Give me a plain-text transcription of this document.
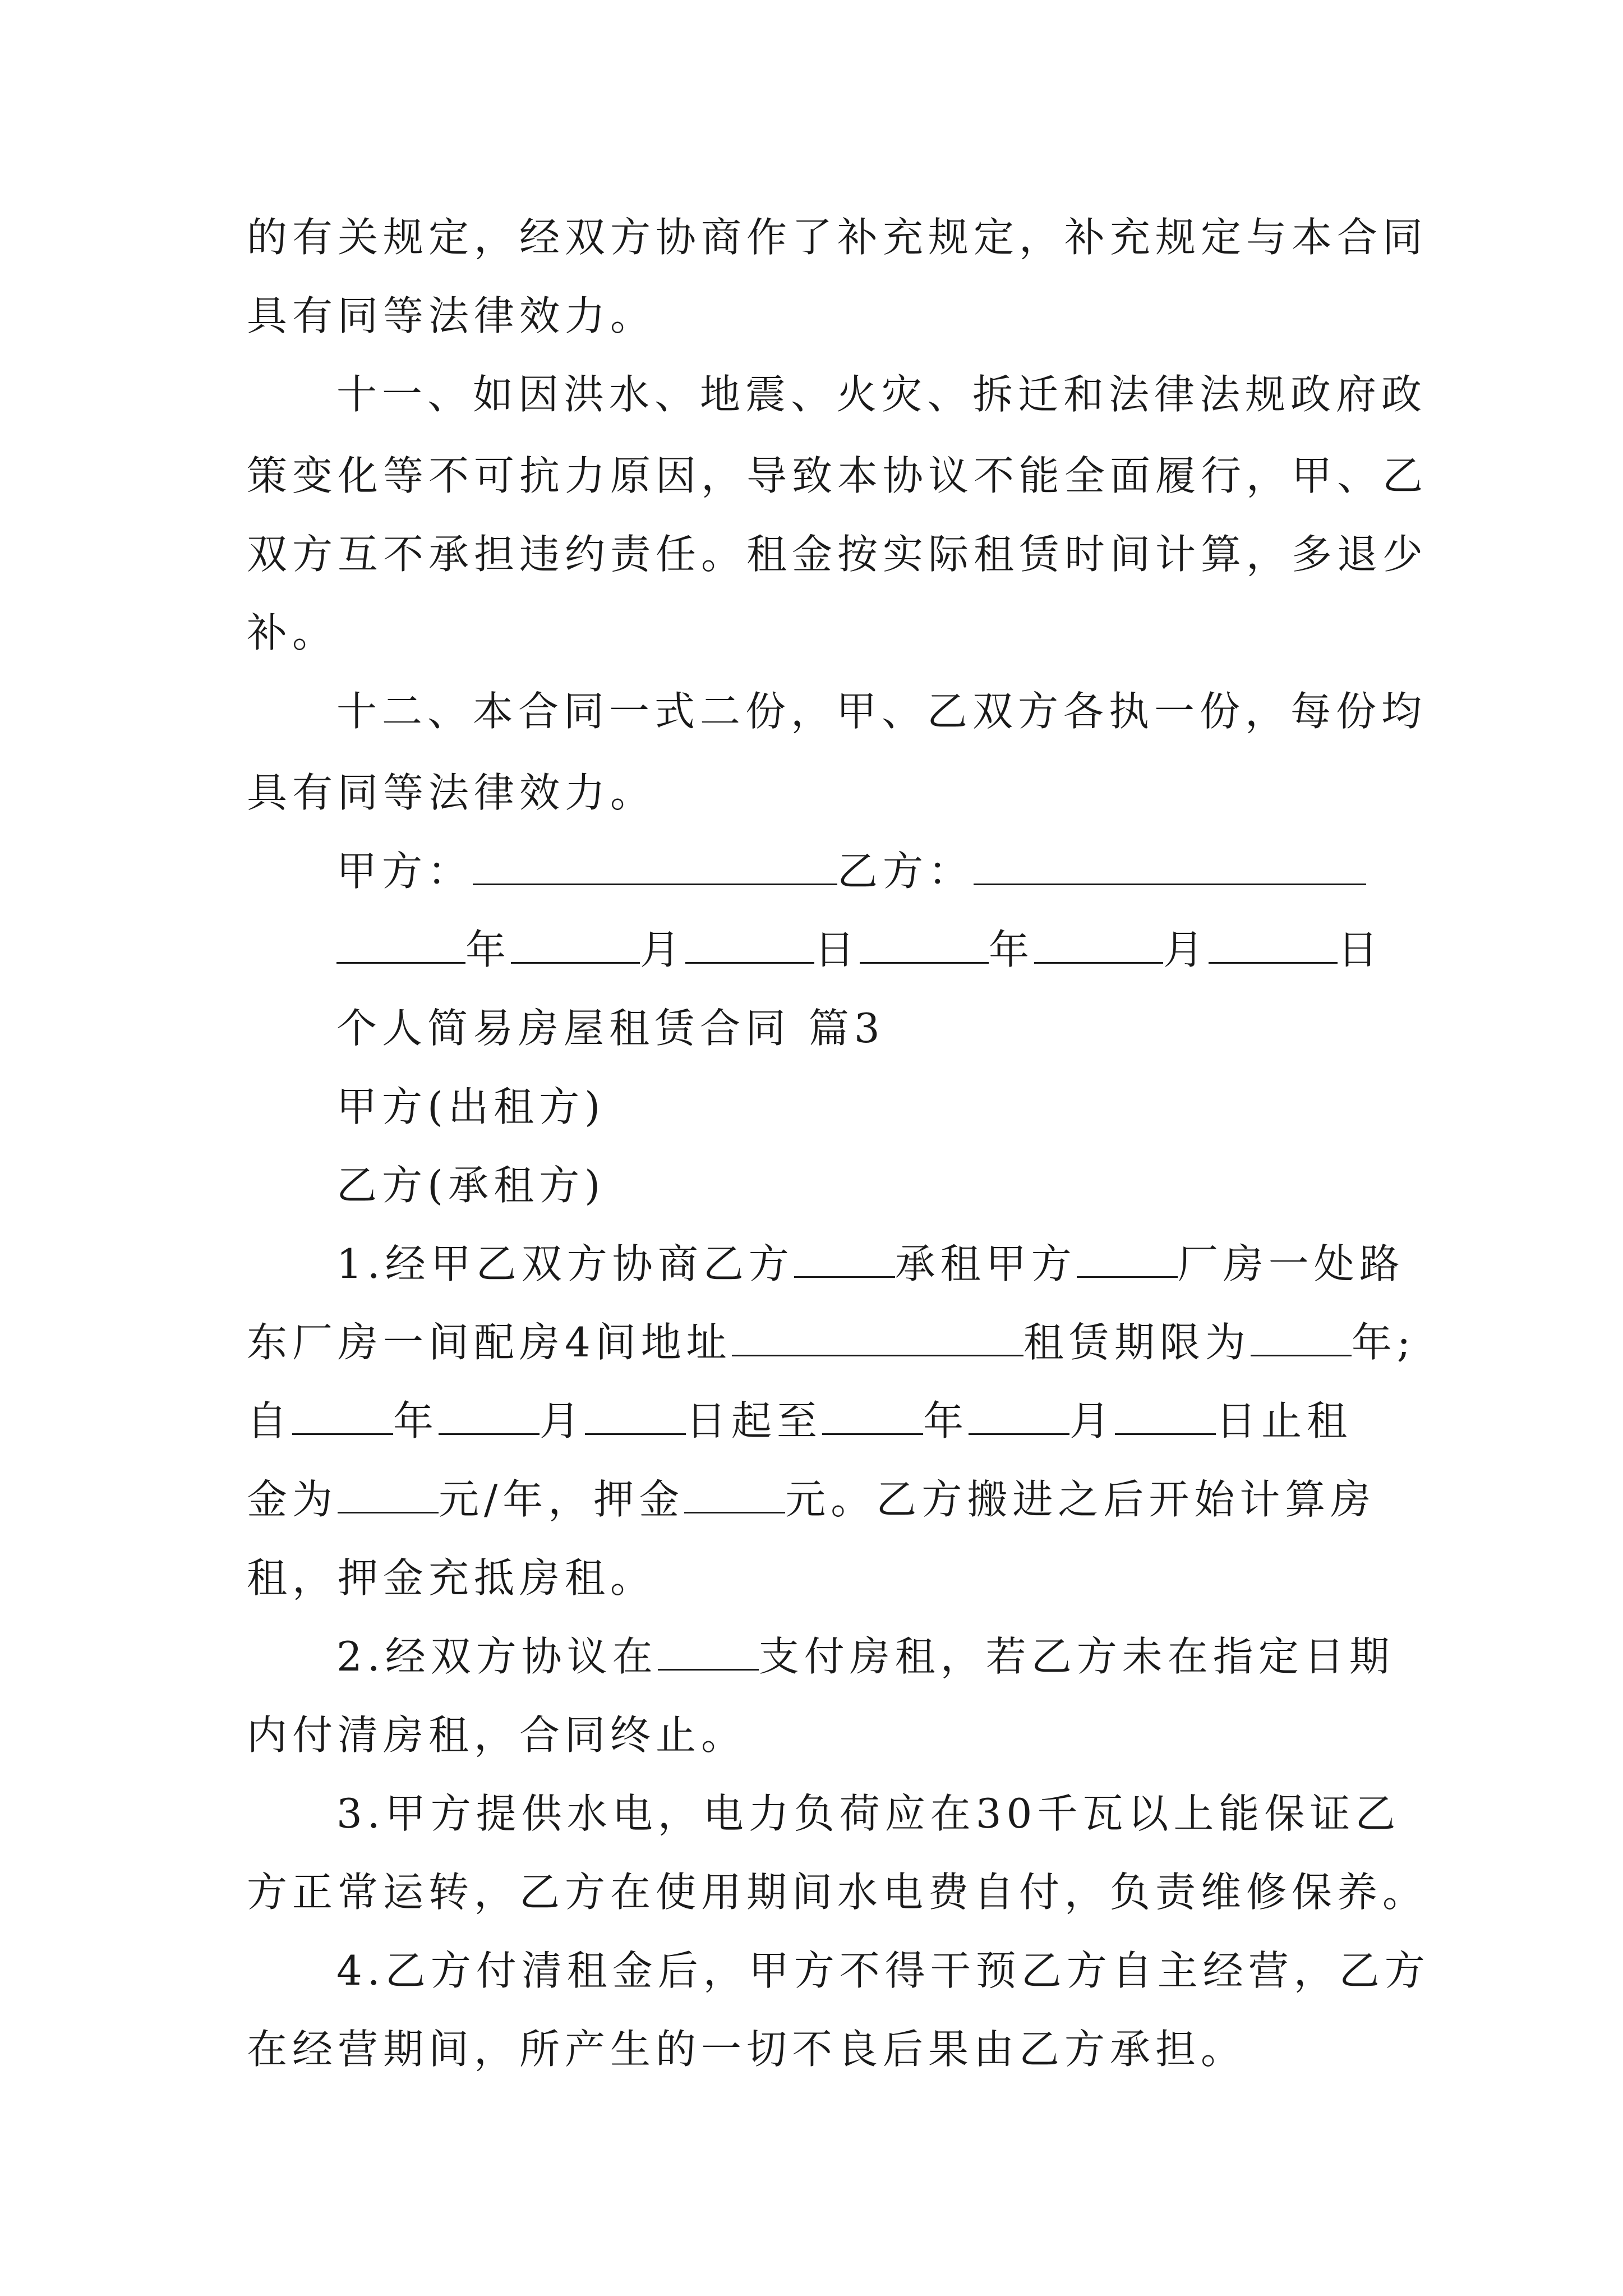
的有关规定，经双方协商作了补充规定，补充规定与本合同
具有同等法律效力。
十一、如因洪水、地震、火灾、拆迁和法律法规政府政
策变化等不可抗力原因，导致本协议不能全面履行，甲、乙
双方互不承担违约责任。租金按实际租赁时间计算，多退少
补。
十二、本合同一式二份，甲、乙双方各执一份，每份均
具有同等法律效力。
甲方：	乙方：
年	月	日	年	月	日
个人简易房屋租赁合同 篇3
甲方(出租方)
乙方(承租方)
1.经甲乙双方协商乙方	承租甲方	厂房一处路
东厂房一间配房4间地址	租赁期限为	年;
自	年	月	日起至	年	月	日止租
金为	元/年，押金	元。乙方搬进之后开始计算房
租，押金充抵房租。
2.经双方协议在	支付房租，若乙方未在指定日期
内付清房租，合同终止。
3.甲方提供水电，电力负荷应在30千瓦以上能保证乙
方正常运转，乙方在使用期间水电费自付，负责维修保养。
4.乙方付清租金后，甲方不得干预乙方自主经营，乙方
在经营期间，所产生的一切不良后果由乙方承担。
